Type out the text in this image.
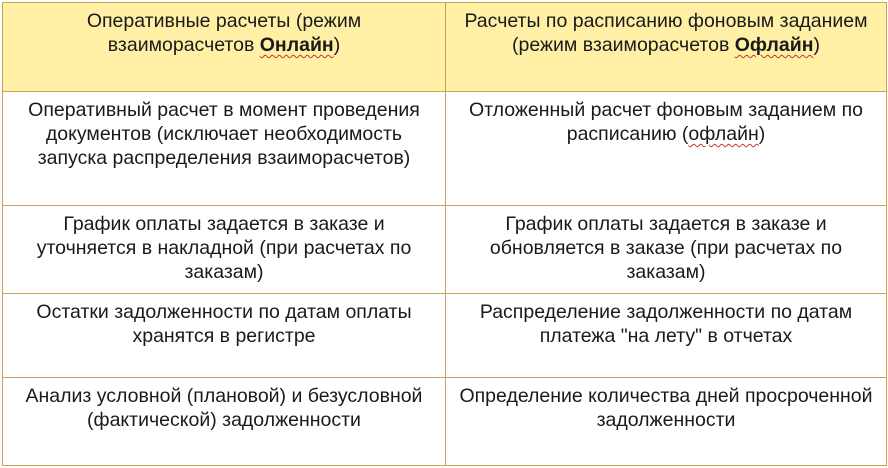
Оперативные расчеты (режим взаиморасчетов Онлайн)	Расчеты по расписанию фоновым заданием (режим взаиморасчетов Офлайн)
Оперативный расчет в момент проведения документов (исключает необходимость запуска распределения взаиморасчетов)	Отложенный расчет фоновым заданием по расписанию (офлайн)
График оплаты задается в заказе и уточняется в накладной (при расчетах по заказам)	График оплаты задается в заказе и обновляется в заказе (при расчетах по заказам)
Остатки задолженности по датам оплаты хранятся в регистре	Распределение задолженности по датам платежа "на лету" в отчетах
Анализ условной (плановой) и безусловной (фактической) задолженности	Определение количества дней просроченной задолженности
